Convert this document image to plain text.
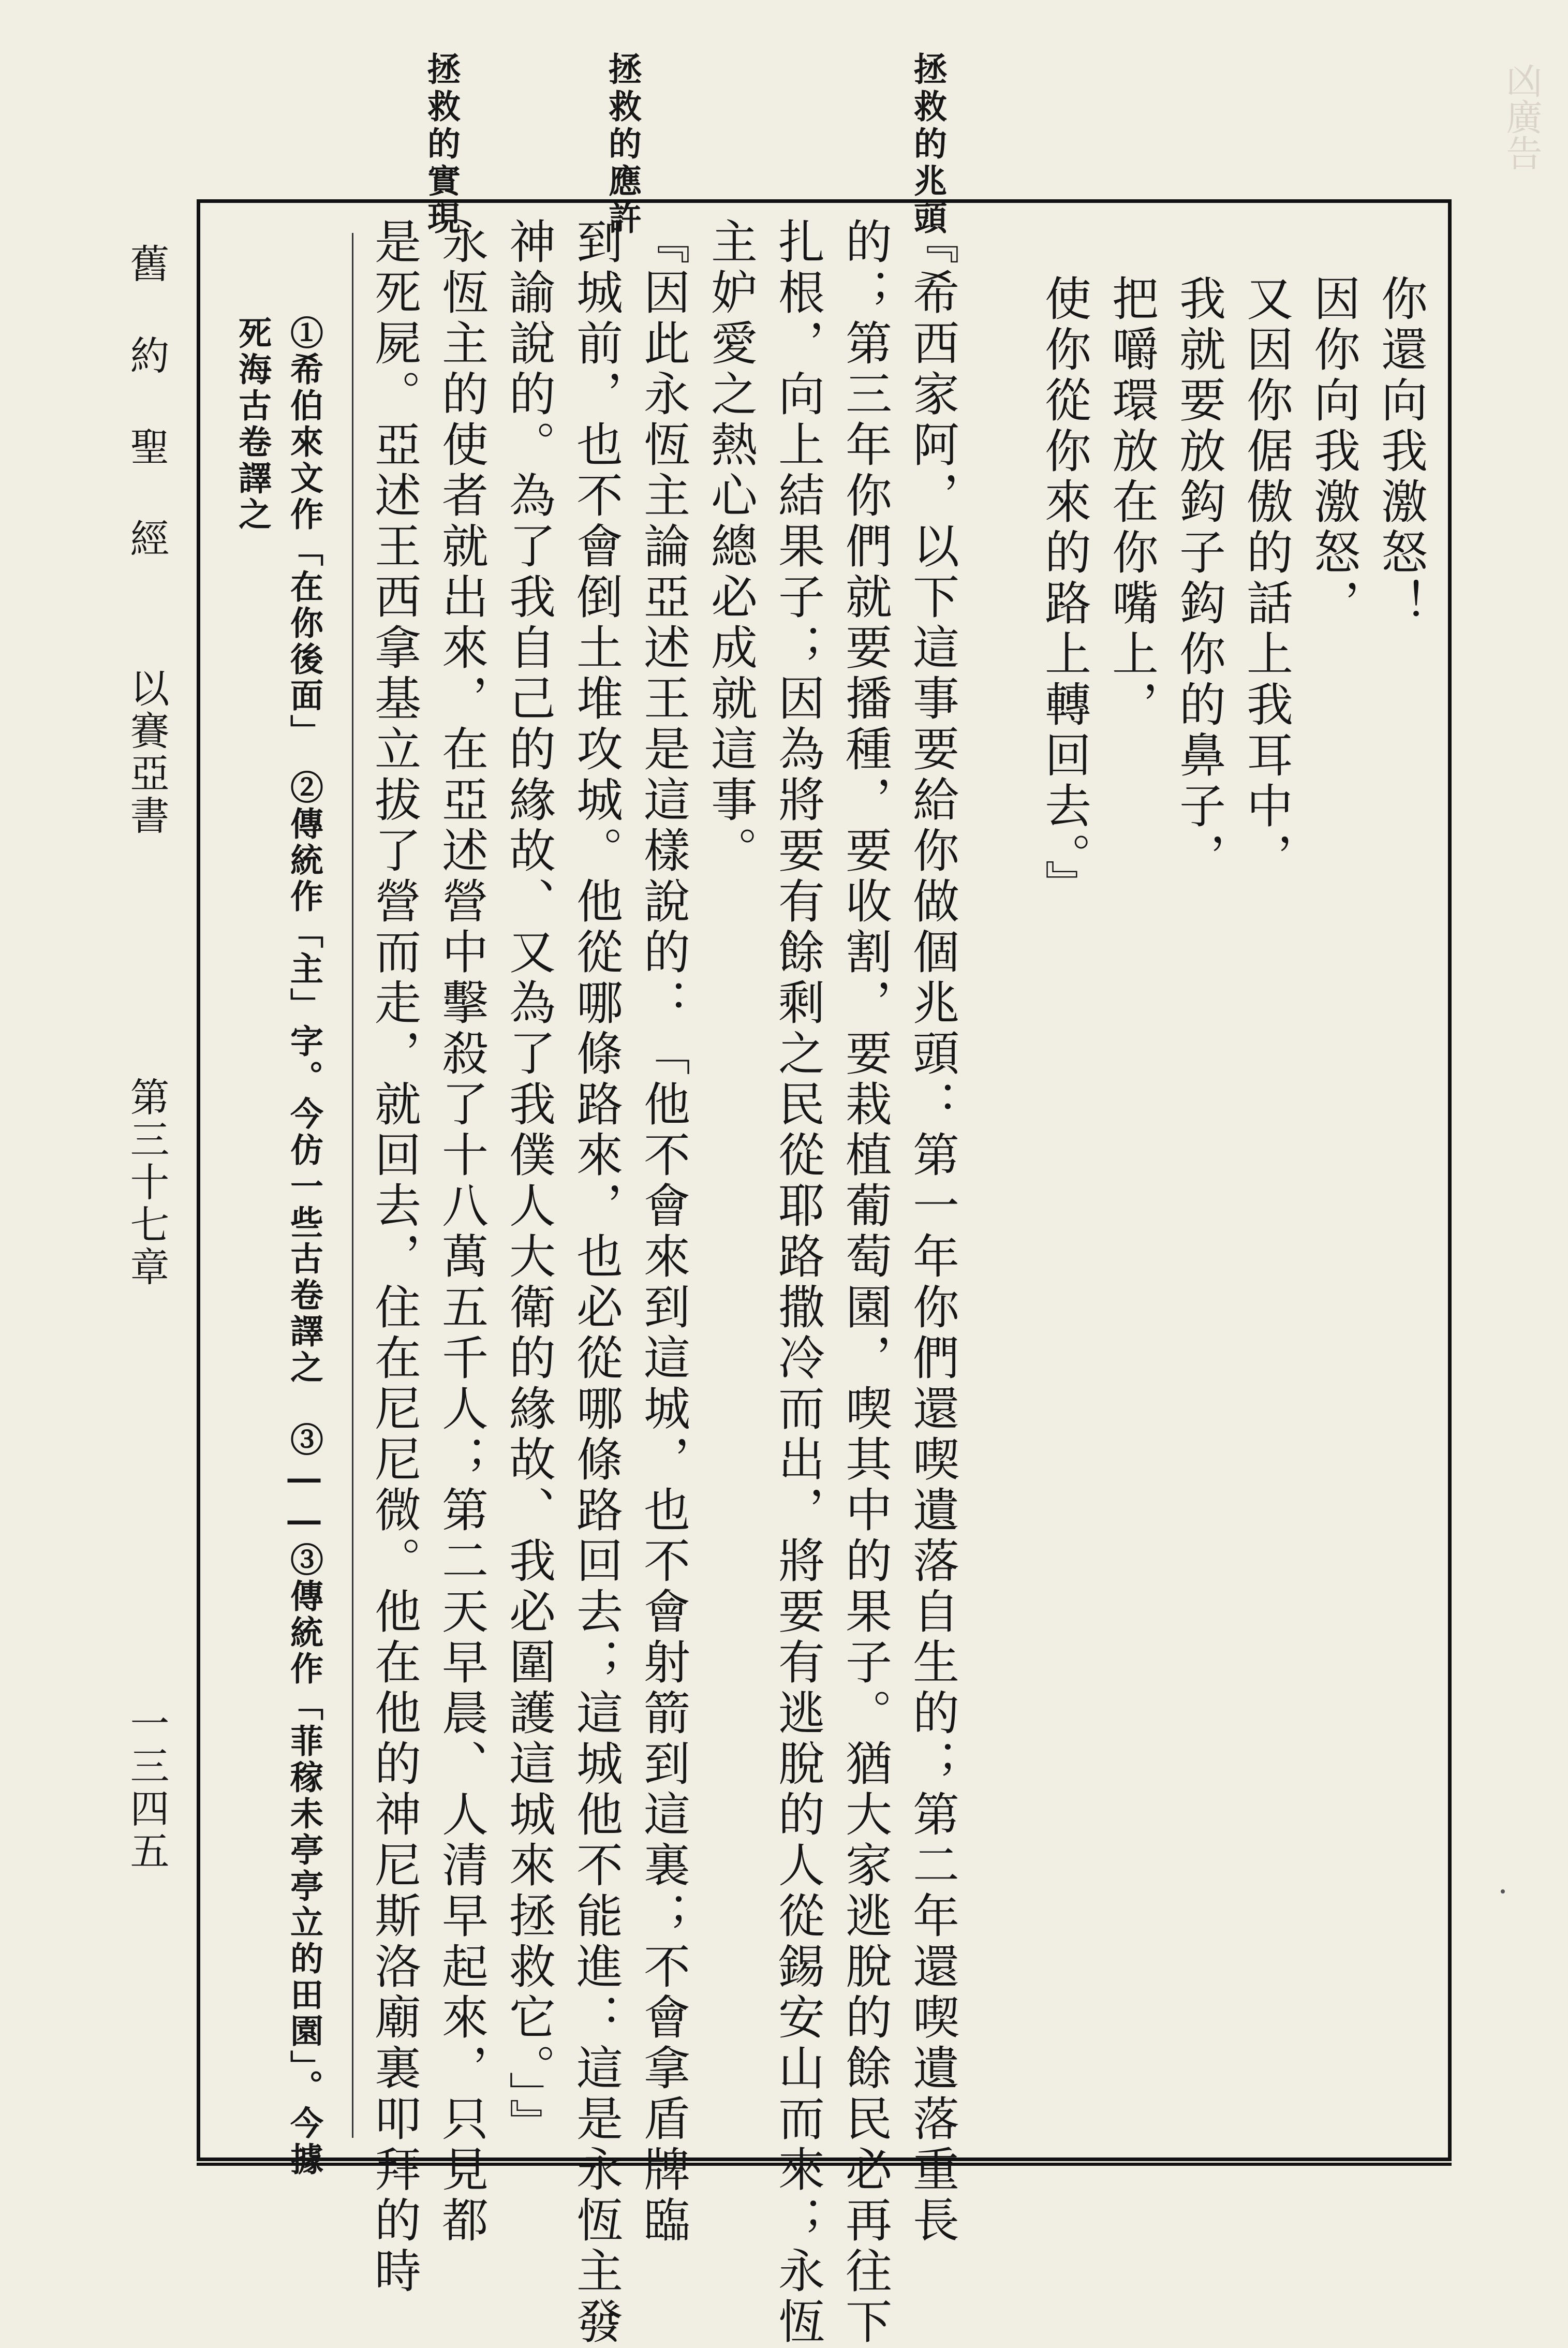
凶廣告
拯救的兆頭
拯救的應許
拯救的實現
舊 約 聖 經
以賽亞書
第三十七章
一三四五
你還向我激怒！
因你向我激怒，
又因你倨傲的話上我耳中，
我就要放鈎子鈎你的鼻子，
把嚼環放在你嘴上，
使你從你來的路上轉回去。』
『希西家阿，以下這事要給你做個兆頭：第一年你們還喫遺落自生的；第二年還喫遺落重長
的；第三年你們就要播種，要收割，要栽植葡萄園，喫其中的果子。猶大家逃脫的餘民必再往下
扎根，向上結果子；因為將要有餘剩之民從耶路撒冷而出，將要有逃脫的人從錫安山而來；永恆
主妒愛之熱心總必成就這事。
『因此永恆主論亞述王是這樣說的：「他不會來到這城，也不會射箭到這裏；不會拿盾牌臨
到城前，也不會倒土堆攻城。他從哪條路來，也必從哪條路回去；這城他不能進：這是永恆主發
神諭說的。為了我自己的緣故、又為了我僕人大衛的緣故、我必圍護這城來拯救它。」』
永恆主的使者就出來，在亞述營中擊殺了十八萬五千人；第二天早晨、人清早起來，只見都
是死屍。亞述王西拿基立拔了營而走，就回去，住在尼尼微。他在他的神尼斯洛廟裏叩拜的時
①希伯來文作「在你後面」　②傳統作「主」字。今仿一些古卷譯之　③――③傳統作「菲稼未亭亭立的田園」。今據
死海古卷譯之
